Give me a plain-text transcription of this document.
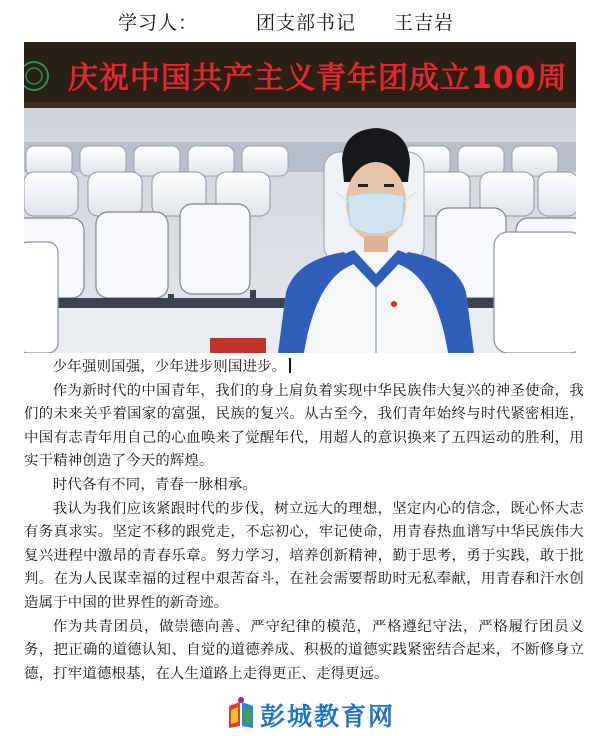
学习人：	团支部书记 王吉岩
庆祝中国共产主义青年团成立100周

少年强则国强，少年进步则国进步。

作为新时代的中国青年，我们的身上肩负着实现中华民族伟大复兴的神圣使命，我们的未来关乎着国家的富强，民族的复兴。从古至今，我们青年始终与时代紧密相连，中国有志青年用自己的心血唤来了觉醒年代，用超人的意识换来了五四运动的胜利，用实干精神创造了今天的辉煌。

时代各有不同，青春一脉相承。

我认为我们应该紧跟时代的步伐，树立远大的理想，坚定内心的信念，既心怀大志有务真求实。坚定不移的跟党走，不忘初心，牢记使命，用青春热血谱写中华民族伟大复兴进程中激昂的青春乐章。努力学习，培养创新精神，勤于思考，勇于实践，敢于批判。在为人民谋幸福的过程中艰苦奋斗，在社会需要帮助时无私奉献，用青春和汗水创造属于中国的世界性的新奇迹。

作为共青团员，做崇德向善、严守纪律的模范，严格遵纪守法，严格履行团员义务，把正确的道德认知、自觉的道德养成、积极的道德实践紧密结合起来，不断修身立德，打牢道德根基，在人生道路上走得更正、走得更远。

彭城教育网
